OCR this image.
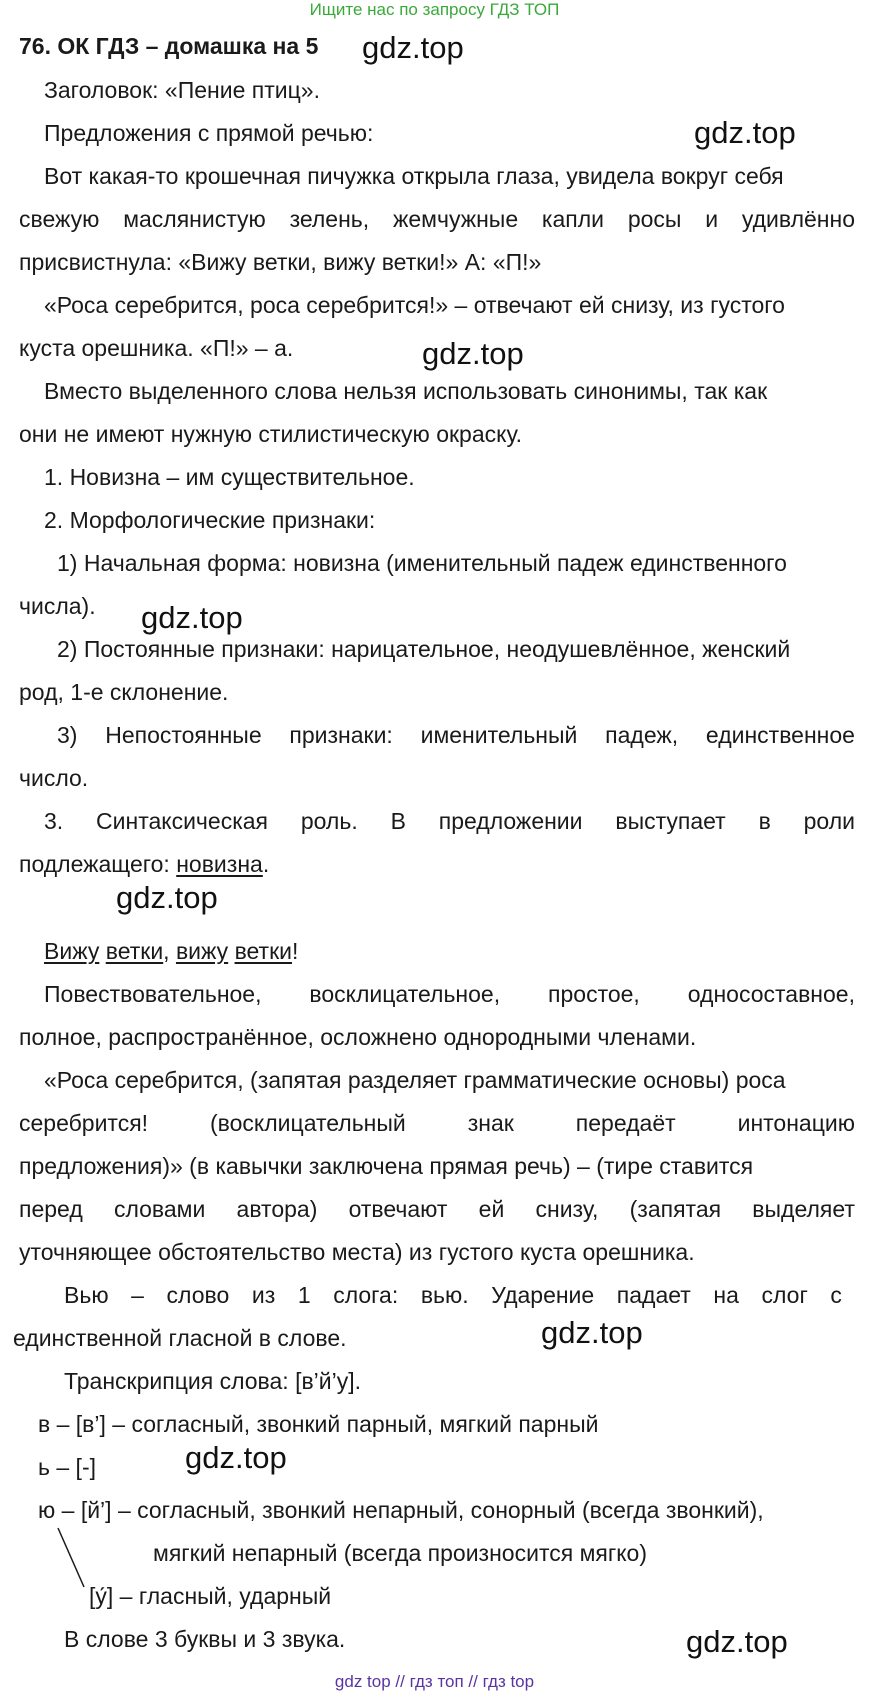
Ищите нас по запросу ГДЗ ТОП
76. ОК ГДЗ – домашка на 5 gdz.top
gdz.top
gdz.top
gdz.top
gdz.top
gdz.top
gdz.top
gdz.top
Заголовок: «Пение птиц».
Предложения с прямой речью:
Вот какая-то крошечная пичужка открыла глаза, увидела вокруг себя
свежую маслянистую зелень, жемчужные капли росы и удивлённо
присвистнула: «Вижу ветки, вижу ветки!» А: «П!»
«Роса серебрится, роса серебрится!» – отвечают ей снизу, из густого
куста орешника. «П!» – а.
Вместо выделенного слова нельзя использовать синонимы, так как
они не имеют нужную стилистическую окраску.
1. Новизна – им существительное.
2. Морфологические признаки:
1) Начальная форма: новизна (именительный падеж единственного
числа).
2) Постоянные признаки: нарицательное, неодушевлённое, женский
род, 1-е склонение.
3) Непостоянные признаки: именительный падеж, единственное
число.
3. Синтаксическая роль. В предложении выступает в роли
подлежащего: новизна.
Вижу ветки, вижу ветки!
Повествовательное, восклицательное, простое, односоставное,
полное, распространённое, осложнено однородными членами.
«Роса серебрится, (запятая разделяет грамматические основы) роса
серебрится!	(восклицательный	знак	передаёт	интонацию
предложения)» (в кавычки заключена прямая речь) – (тире ставится
перед словами автора) отвечают ей снизу, (запятая выделяет
уточняющее обстоятельство места) из густого куста орешника.
Вью – слово из 1 слога: вью. Ударение падает на слог с
единственной гласной в слове.
Транскрипция слова: [в’й’у].
в – [в’] – согласный, звонкий парный, мягкий парный
ь – [-]
ю – [й’] – согласный, звонкий непарный, сонорный (всегда звонкий),
мягкий непарный (всегда произносится мягко)
[у́] – гласный, ударный
В слове 3 буквы и 3 звука.
gdz top // гдз топ // гдз top
